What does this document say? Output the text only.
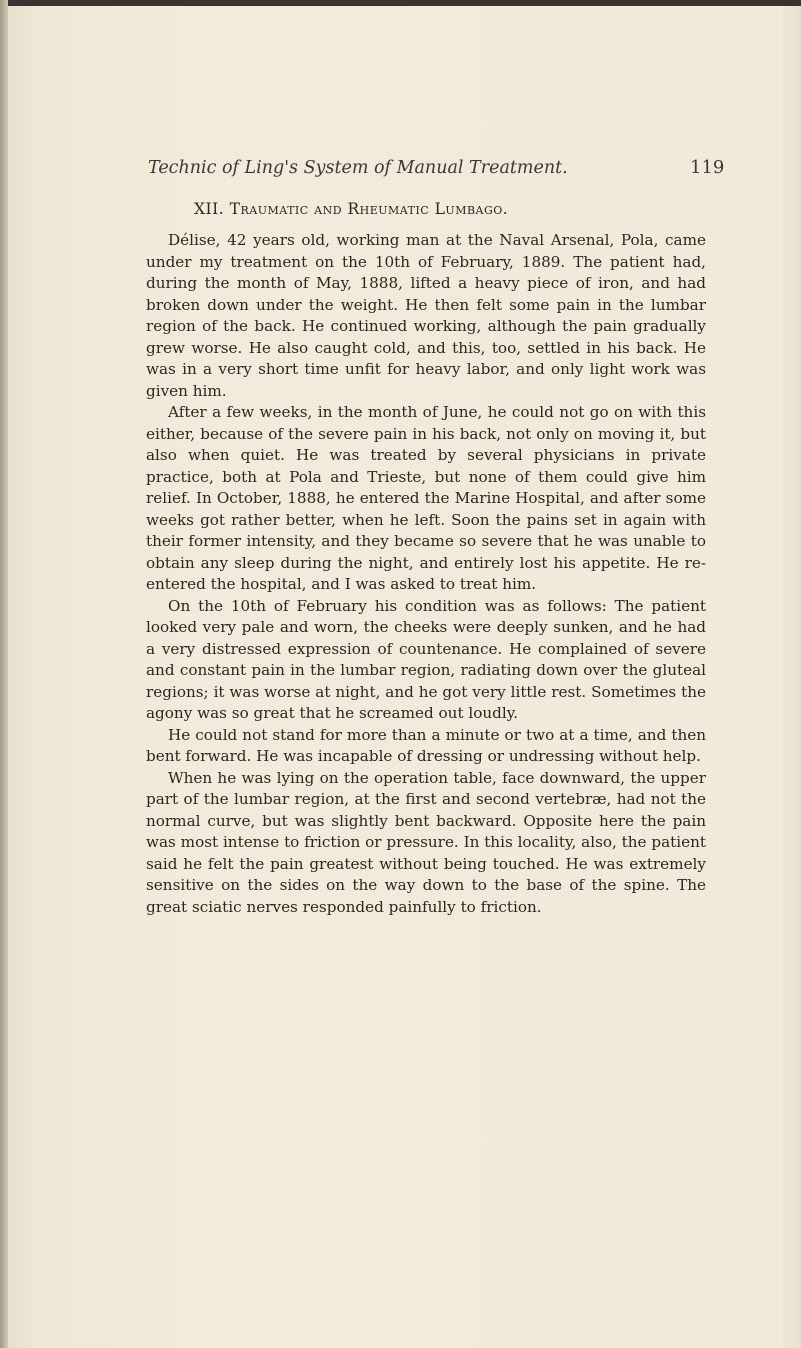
Technic of Ling's System of Manual Treatment.	119
XII. Traumatic and Rheumatic Lumbago.

Délise, 42 years old, working man at the Naval Arsenal, Pola, came under my treatment on the 10th of February, 1889. The patient had, during the month of May, 1888, lifted a heavy piece of iron, and had broken down under the weight. He then felt some pain in the lumbar region of the back. He continued working, although the pain gradually grew worse. He also caught cold, and this, too, settled in his back. He was in a very short time unfit for heavy labor, and only light work was given him.

After a few weeks, in the month of June, he could not go on with this either, because of the severe pain in his back, not only on moving it, but also when quiet. He was treated by several physicians in private practice, both at Pola and Trieste, but none of them could give him relief. In October, 1888, he entered the Marine Hospital, and after some weeks got rather better, when he left. Soon the pains set in again with their former intensity, and they became so severe that he was unable to obtain any sleep during the night, and entirely lost his appetite. He re-entered the hospital, and I was asked to treat him.

On the 10th of February his condition was as follows: The patient looked very pale and worn, the cheeks were deeply sunken, and he had a very distressed expression of countenance. He complained of severe and constant pain in the lumbar region, radiating down over the gluteal regions; it was worse at night, and he got very little rest. Sometimes the agony was so great that he screamed out loudly.

He could not stand for more than a minute or two at a time, and then bent forward. He was incapable of dressing or undressing without help.

When he was lying on the operation table, face downward, the upper part of the lumbar region, at the first and second vertebræ, had not the normal curve, but was slightly bent backward. Opposite here the pain was most intense to friction or pressure. In this locality, also, the patient said he felt the pain greatest without being touched. He was extremely sensitive on the sides on the way down to the base of the spine. The great sciatic nerves responded painfully to friction.
